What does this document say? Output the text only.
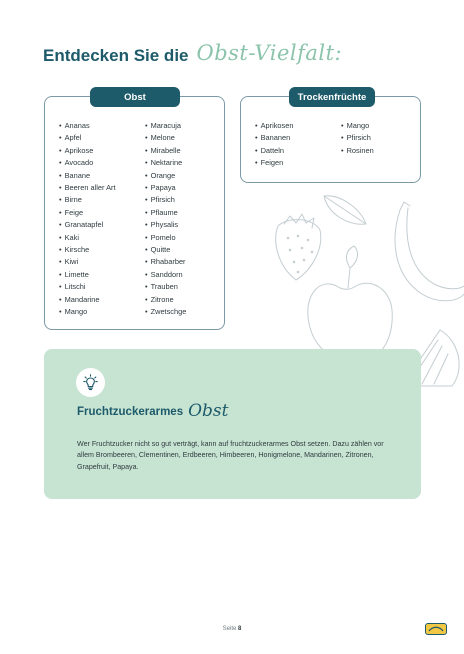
Entdecken Sie die Obst-Vielfalt:
Obst
• Ananas
• Apfel
• Aprikose
• Avocado
• Banane
• Beeren aller Art
• Birne
• Feige
• Granatapfel
• Kaki
• Kirsche
• Kiwi
• Limette
• Litschi
• Mandarine
• Mango
• Maracuja
• Melone
• Mirabelle
• Nektarine
• Orange
• Papaya
• Pfirsich
• Pflaume
• Physalis
• Pomelo
• Quitte
• Rhabarber
• Sanddorn
• Trauben
• Zitrone
• Zwetschge
Trockenfrüchte
• Aprikosen
• Bananen
• Datteln
• Feigen
• Mango
• Pfirsich
• Rosinen
Fruchtzuckerarmes Obst

Wer Fruchtzucker nicht so gut verträgt, kann auf fruchtzuckerarmes Obst setzen. Dazu zählen vor allem Brombeeren, Clementinen, Erdbeeren, Himbeeren, Honigmelone, Mandarinen, Zitronen, Grapefruit, Papaya.

Seite 8
